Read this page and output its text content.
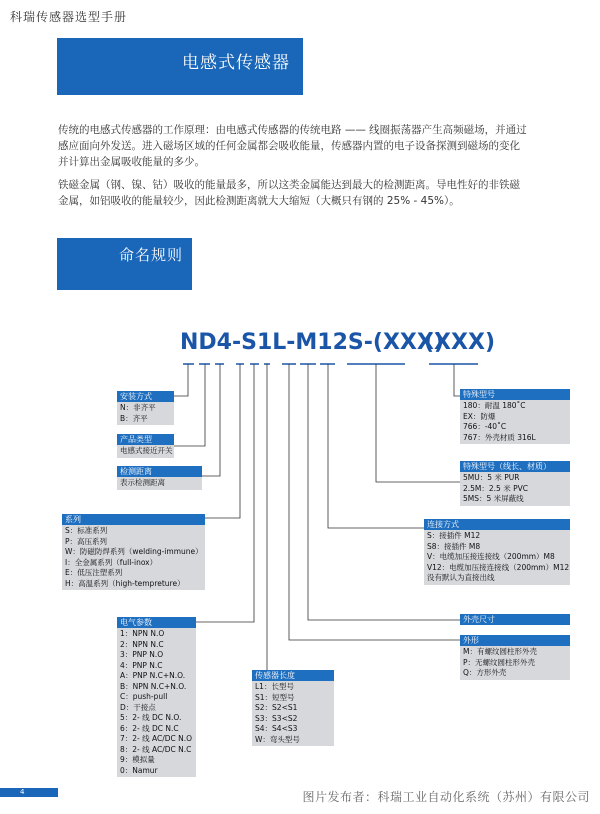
科瑞传感器选型手册
电感式传感器
传统的电感式传感器的工作原理：由电感式传感器的传统电路 —— 线圈振荡器产生高频磁场，并通过感应面向外发送。进入磁场区域的任何金属都会吸收能量，传感器内置的电子设备探测到磁场的变化并计算出金属吸收能量的多少。
铁磁金属（钢、镍、钴）吸收的能量最多，所以这类金属能达到最大的检测距离。导电性好的非铁磁金属，如铝吸收的能量较少，因此检测距离就大大缩短（大概只有钢的 25% - 45%）。
命名规则
ND4-S1L-M12S-(XXX)
(XXX)
安装方式
N：非齐平
B：齐平
产品类型
电感式接近开关
检测距离
表示检测距离
系列
S：标准系列
P：高压系列
W：防磁防焊系列（welding-immune）
I：全金属系列（full-inox）
E：低压注塑系列
H：高温系列（high-tempreture）
电气参数
1：NPN N.O
2：NPN N.C
3：PNP N.O
4：PNP N.C
A：PNP N.C+N.O.
B：NPN N.C+N.O.
C：push-pull
D：干接点
5：2- 线 DC N.O.
6：2- 线 DC N.C
7：2- 线 AC/DC N.O
8：2- 线 AC/DC N.C
9：模拟量
0：Namur
传感器长度
L1：长型号
S1：短型号
S2：S2<S1
S3：S3<S2
S4：S4<S3
W：弯头型号
特殊型号
180：耐温 180˚C
EX：防爆
766：-40˚C
767：外壳材质 316L
特殊型号（线长、材质）
5MU：5 米 PUR
2.5M：2.5 米 PVC
5MS：5 米屏蔽线
连接方式
S：接插件 M12
S8：接插件 M8
V：电缆加压接连接线（200mm）M8
V12：电缆加压接连接线（200mm）M12
没有默认为直接出线
外壳尺寸
外形
M：有螺纹圆柱形外壳
P：无螺纹圆柱形外壳
Q：方形外壳
4	图片发布者：科瑞工业自动化系统（苏州）有限公司
